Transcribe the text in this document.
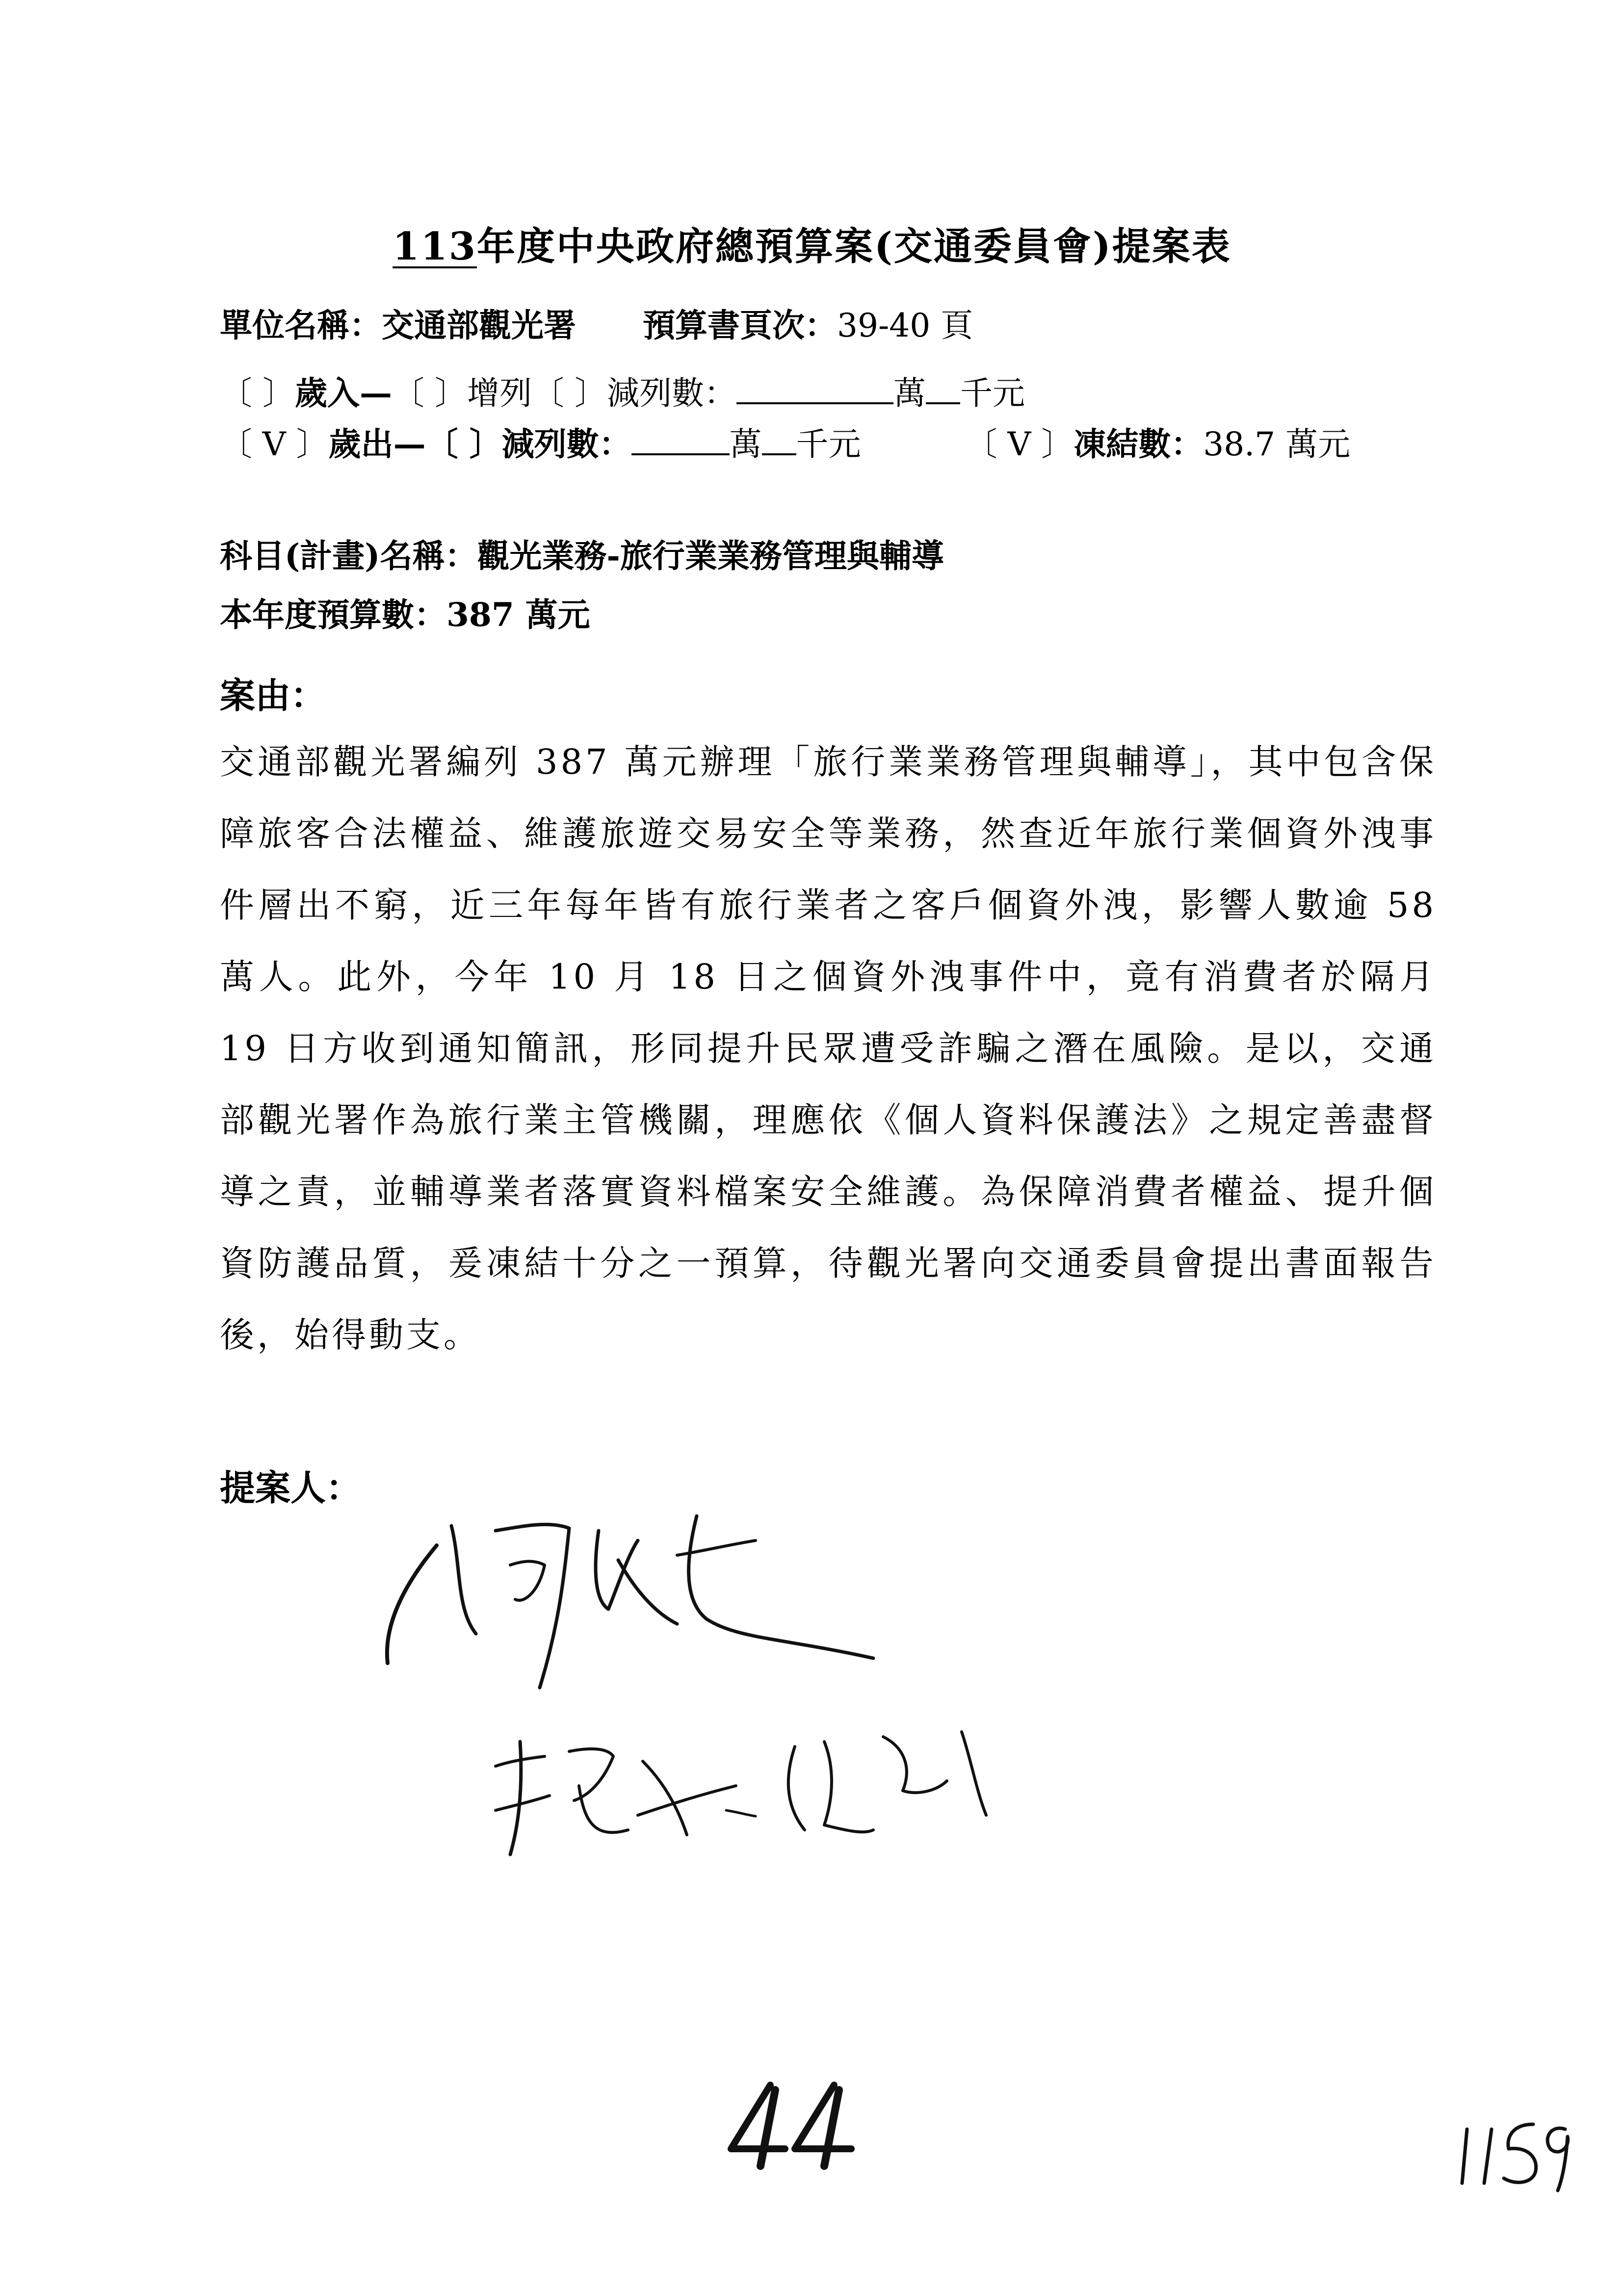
113年度中央政府總預算案(交通委員會)提案表
單位名稱：交通部觀光署 預算書頁次：39-40 頁
〔 〕歲入—〔 〕增列〔 〕減列數：	萬 千元
〔 V 〕歲出—〔 〕減列數：	萬 千元	〔 V 〕凍結數：38.7 萬元
科目(計畫)名稱：觀光業務-旅行業業務管理與輔導
本年度預算數：387 萬元
案由：
交通部觀光署編列 387 萬元辦理「旅行業業務管理與輔導」，其中包含保障旅客合法權益、維護旅遊交易安全等業務，然查近年旅行業個資外洩事件層出不窮，近三年每年皆有旅行業者之客戶個資外洩，影響人數逾 58 萬人。此外，今年 10 月 18 日之個資外洩事件中，竟有消費者於隔月 19 日方收到通知簡訊，形同提升民眾遭受詐騙之潛在風險。是以，交通部觀光署作為旅行業主管機關，理應依《個人資料保護法》之規定善盡督導之責，並輔導業者落實資料檔案安全維護。為保障消費者權益、提升個資防護品質，爰凍結十分之一預算，待觀光署向交通委員會提出書面報告後，始得動支。
提案人：
